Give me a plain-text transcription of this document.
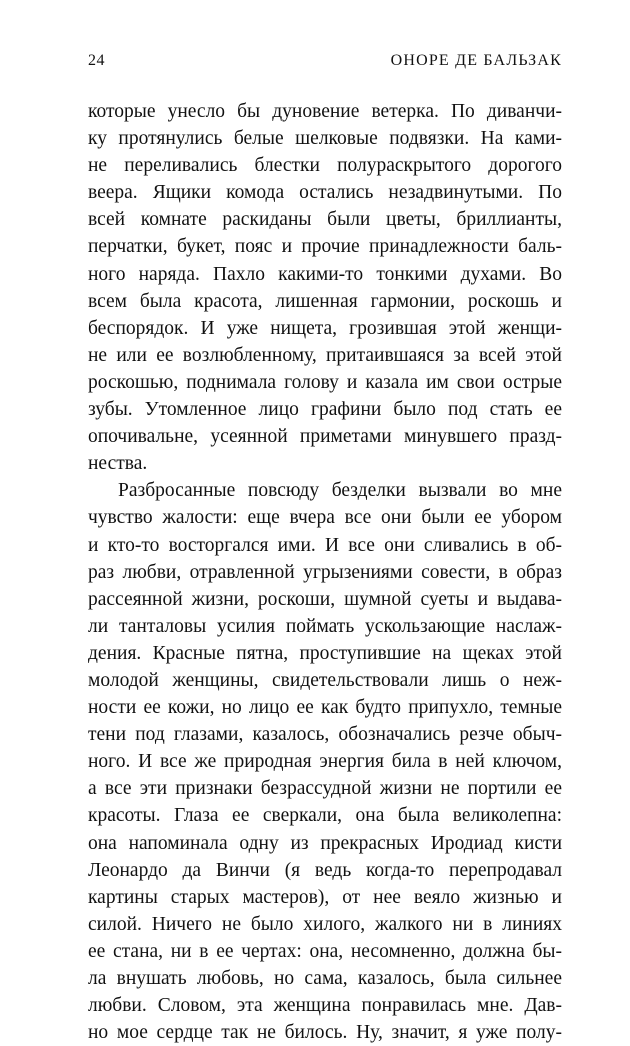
24	ОНОРЕ ДЕ БАЛЬЗАК
которые унесло бы дуновение ветерка. По диванчи-
ку протянулись белые шелковые подвязки. На ками-
не переливались блестки полураскрытого дорогого
веера. Ящики комода остались незадвинутыми. По
всей комнате раскиданы были цветы, бриллианты,
перчатки, букет, пояс и прочие принадлежности баль-
ного наряда. Пахло какими-то тонкими духами. Во
всем была красота, лишенная гармонии, роскошь и
беспорядок. И уже нищета, грозившая этой женщи-
не или ее возлюбленному, притаившаяся за всей этой
роскошью, поднимала голову и казала им свои острые
зубы. Утомленное лицо графини было под стать ее
опочивальне, усеянной приметами минувшего празд-
нества.
Разбросанные повсюду безделки вызвали во мне
чувство жалости: еще вчера все они были ее убором
и кто-то восторгался ими. И все они сливались в об-
раз любви, отравленной угрызениями совести, в образ
рассеянной жизни, роскоши, шумной суеты и выдава-
ли танталовы усилия поймать ускользающие наслаж-
дения. Красные пятна, проступившие на щеках этой
молодой женщины, свидетельствовали лишь о неж-
ности ее кожи, но лицо ее как будто припухло, темные
тени под глазами, казалось, обозначались резче обыч-
ного. И все же природная энергия била в ней ключом,
а все эти признаки безрассудной жизни не портили ее
красоты. Глаза ее сверкали, она была великолепна:
она напоминала одну из прекрасных Иродиад кисти
Леонардо да Винчи (я ведь когда-то перепродавал
картины старых мастеров), от нее веяло жизнью и
силой. Ничего не было хилого, жалкого ни в линиях
ее стана, ни в ее чертах: она, несомненно, должна бы-
ла внушать любовь, но сама, казалось, была сильнее
любви. Словом, эта женщина понравилась мне. Дав-
но мое сердце так не билось. Ну, значит, я уже полу-
